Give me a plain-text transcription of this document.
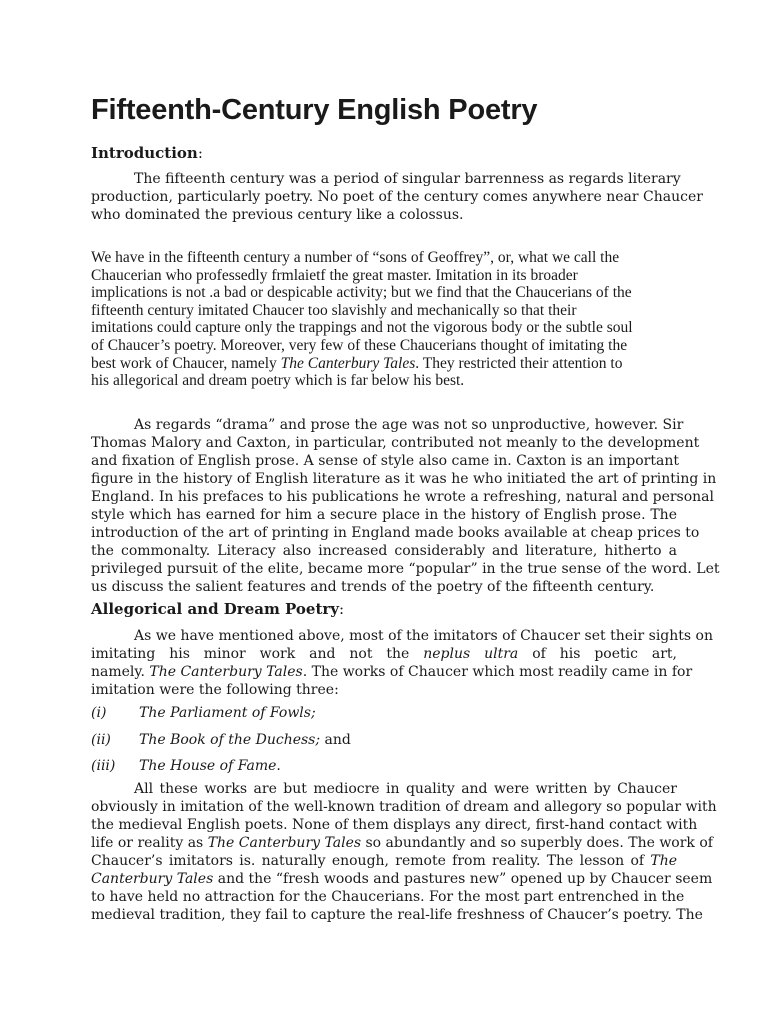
Fifteenth-Century English Poetry
Introduction:
The fifteenth century was a period of singular barrenness as regards literary
production, particularly poetry. No poet of the century comes anywhere near Chaucer
who dominated the previous century like a colossus.
We have in the fifteenth century a number of “sons of Geoffrey”, or, what we call the
Chaucerian who professedly frmlaietf the great master. Imitation in its broader
implications is not .a bad or despicable activity; but we find that the Chaucerians of the
fifteenth century imitated Chaucer too slavishly and mechanically so that their
imitations could capture only the trappings and not the vigorous body or the subtle soul
of Chaucer’s poetry. Moreover, very few of these Chaucerians thought of imitating the
best work of Chaucer, namely The Canterbury Tales. They restricted their attention to
his allegorical and dream poetry which is far below his best.
As regards “drama” and prose the age was not so unproductive, however. Sir
Thomas Malory and Caxton, in particular, contributed not meanly to the development
and fixation of English prose. A sense of style also came in. Caxton is an important
figure in the history of English literature as it was he who initiated the art of printing in
England. In his prefaces to his publications he wrote a refreshing, natural and personal
style which has earned for him a secure place in the history of English prose. The
introduction of the art of printing in England made books available at cheap prices to
the commonalty. Literacy also increased considerably and literature, hitherto a
privileged pursuit of the elite, became more “popular” in the true sense of the word. Let
us discuss the salient features and trends of the poetry of the fifteenth century.
Allegorical and Dream Poetry:
As we have mentioned above, most of the imitators of Chaucer set their sights on
imitating his minor work and not the neplus ultra of his poetic art,
namely. The Canterbury Tales. The works of Chaucer which most readily came in for
imitation were the following three:
(i) The Parliament of Fowls;
(ii) The Book of the Duchess; and
(iii) The House of Fame.
All these works are but mediocre in quality and were written by Chaucer
obviously in imitation of the well-known tradition of dream and allegory so popular with
the medieval English poets. None of them displays any direct, first-hand contact with
life or reality as The Canterbury Tales so abundantly and so superbly does. The work of
Chaucer’s imitators is. naturally enough, remote from reality. The lesson of The
Canterbury Tales and the “fresh woods and pastures new” opened up by Chaucer seem
to have held no attraction for the Chaucerians. For the most part entrenched in the
medieval tradition, they fail to capture the real-life freshness of Chaucer’s poetry. The
